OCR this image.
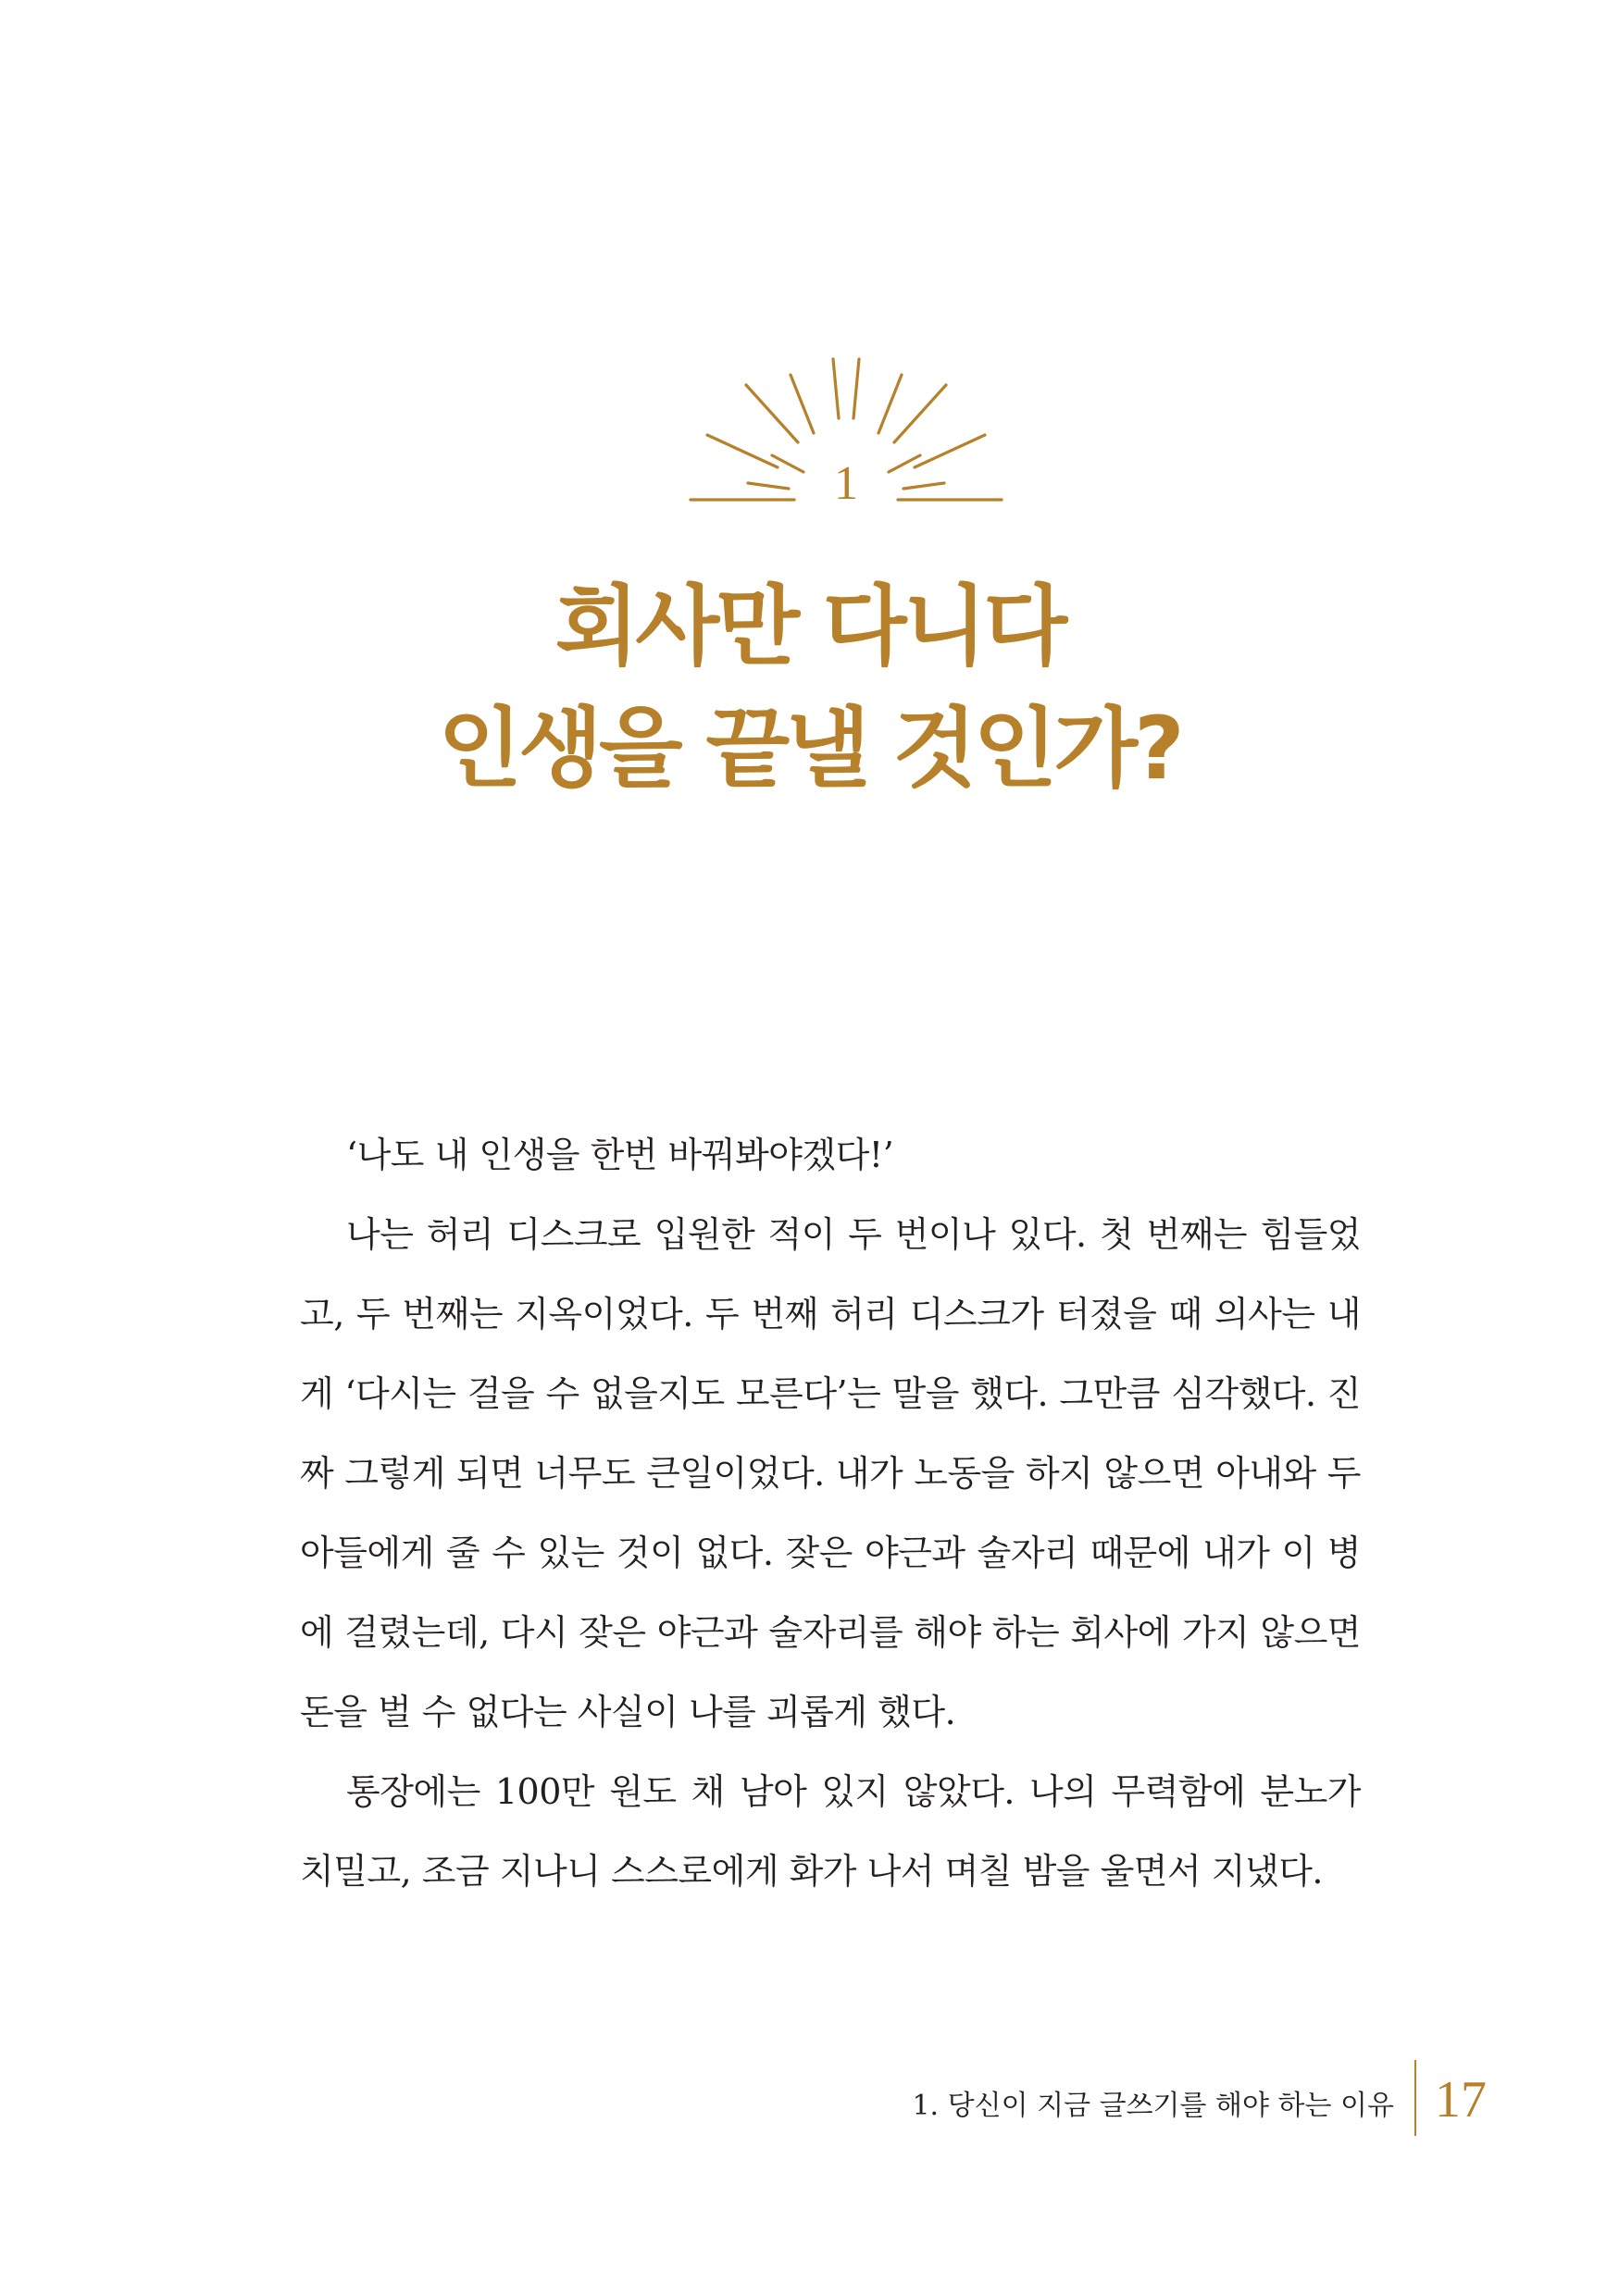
1
회사만 다니다
인생을 끝낼 것인가?

‘나도 내 인생을 한번 바꿔봐야겠다!’

나는 허리 디스크로 입원한 적이 두 번이나 있다. 첫 번째는 힘들었고, 두 번째는 지옥이었다. 두 번째 허리 디스크가 터졌을 때 의사는 내게 ‘다시는 걸을 수 없을지도 모른다’는 말을 했다. 그만큼 심각했다. 진짜 그렇게 되면 너무도 큰일이었다. 내가 노동을 하지 않으면 아내와 두 아들에게 줄 수 있는 것이 없다. 잦은 야근과 술자리 때문에 내가 이 병에 걸렸는데, 다시 잦은 야근과 술자리를 해야 하는 회사에 가지 않으면 돈을 벌 수 없다는 사실이 나를 괴롭게 했다.

통장에는 100만 원도 채 남아 있지 않았다. 나의 무력함에 분노가 치밀고, 조금 지나니 스스로에게 화가 나서 며칠 밤을 울면서 지냈다.

1. 당신이 지금 글쓰기를 해야 하는 이유 17
